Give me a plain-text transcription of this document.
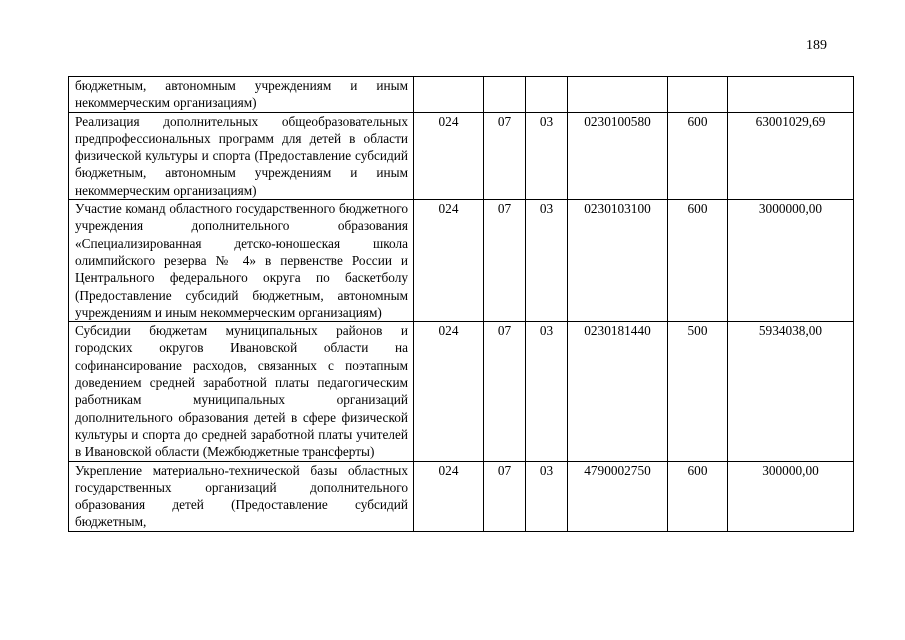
189
бюджетным, автономным учреждениям и иным некоммерческим организациям)						
Реализация дополнительных общеобразовательных предпрофессиональных программ для детей в области физической культуры и спорта (Предоставление субсидий бюджетным, автономным учреждениям и иным некоммерческим организациям)	024	07	03	0230100580	600	63001029,69
Участие команд областного государственного бюджетного учреждения дополнительного образования «Специализированная детско-юношеская школа олимпийского резерва № 4» в первенстве России и Центрального федерального округа по баскетболу (Предоставление субсидий бюджетным, автономным учреждениям и иным некоммерческим организациям)	024	07	03	0230103100	600	3000000,00
Субсидии бюджетам муниципальных районов и городских округов Ивановской области на софинансирование расходов, связанных с поэтапным доведением средней заработной платы педагогическим работникам муниципальных организаций дополнительного образования детей в сфере физической культуры и спорта до средней заработной платы учителей в Ивановской области (Межбюджетные трансферты)	024	07	03	0230181440	500	5934038,00
Укрепление материально-технической базы областных государственных организаций дополнительного образования детей (Предоставление субсидий бюджетным,	024	07	03	4790002750	600	300000,00
